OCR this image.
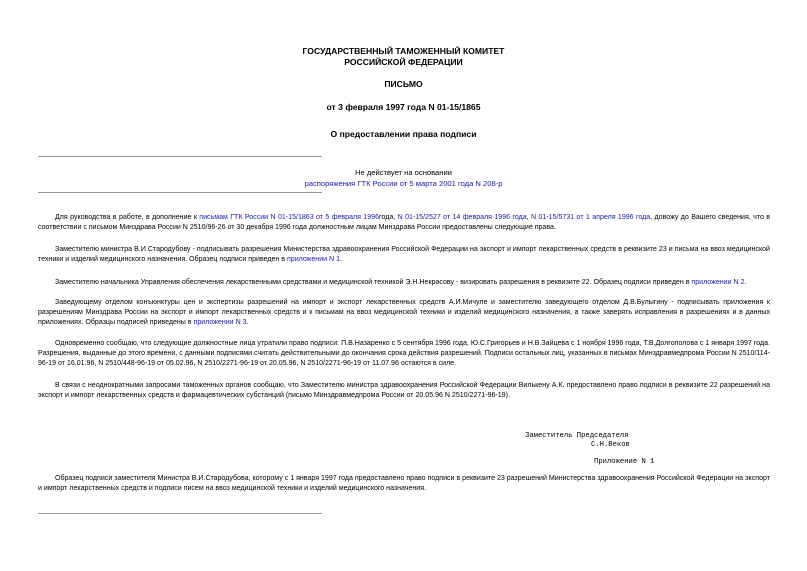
ГОСУДАРСТВЕННЫЙ ТАМОЖЕННЫЙ КОМИТЕТ
РОССИЙСКОЙ ФЕДЕРАЦИИ
ПИСЬМО
от 3 февраля 1997 года N 01-15/1865
О предоставлении права подписи
Не действует на основании
распоряжения ГТК России от 5 марта 2001 года N 208-р
Для руководства в работе, в дополнение к письмам ГТК России N 01-15/1863 от 5 февраля 1996года, N 01-15/2527 от 14 февраля 1996 года, N 01-15/5731 от 1 апреля 1996 года, довожу до Вашего сведения, что в соответствии с письмом Минздрава России N 2510/96-26 от 30 декабря 1996 года должностным лицам Минздрава России предоставлены следующие права.
Заместителю министра В.И.Стародубову - подписывать разрешения Министерства здравоохранения Российской Федерации на экспорт и импорт лекарственных средств в реквизите 23 и письма на ввоз медицинской техники и изделий медицинского назначения. Образец подписи приведен в приложении N 1.
Заместителю начальника Управления обеспечения лекарственными средствами и медицинской техникой Э.Н.Некрасову - визировать разрешения в реквизите 22. Образец подписи приведен в приложении N 2.
Заведующему отделом конъюнктуры цен и экспертизы разрешений на импорт и экспорт лекарственных средств А.И.Мичуле и заместителю заведующего отделом Д.В.Булыгину - подписывать приложения к разрешениям Минздрава России на экспорт и импорт лекарственных средств и к письмам на ввоз медицинской техники и изделий медицинского назначения, а также заверять исправления в разрешениях и в данных приложениях. Образцы подписей приведены в приложении N 3.
Одновременно сообщаю, что следующие должностные лица утратили право подписи: П.В.Назаренко с 5 сентября 1996 года, Ю.С.Григорьев и Н.В.Зайцева с 1 ноября 1996 года, Т.В.Долгополова с 1 января 1997 года. Разрешения, выданные до этого времени, с данными подписями считать действительными до окончания срока действия разрешений. Подписи остальных лиц, указанных в письмах Минздравмедпрома России N 2510/114-96-19 от 16.01.96, N 2510/448-96-19 от 05.02.96, N 2510/2271-96-19 от 20.05.96, N 2510/2271-96-19 от 11.07.96 остаются в силе.
В связи с неоднократными запросами таможенных органов сообщаю, что Заместителю министра здравоохранения Российской Федерации Вилькену А.К. предоставлено право подписи в реквизите 22 разрешений на экспорт и импорт лекарственных средств и фармацевтических субстанций (письмо Минздравмедпрома России от 20.05.96 N 2510/2271-96-19).
Заместитель Председателя
С.Н.Веков
Приложение N 1
Образец подписи заместителя Министра В.И.Стародубова, которому с 1 января 1997 года предоставлено право подписи в реквизите 23 разрешений Министерства здравоохранения Российской Федерации на экспорт и импорт лекарственных средств и подписи писем на ввоз медицинской техники и изделий медицинского назначения.
